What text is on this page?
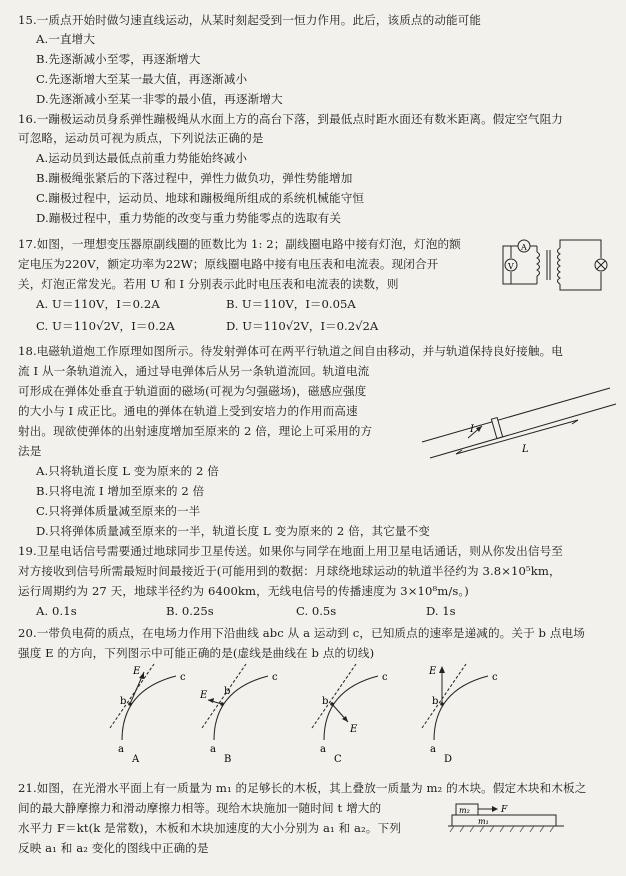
15.一质点开始时做匀速直线运动，从某时刻起受到一恒力作用。此后，该质点的动能可能
A.一直增大
B.先逐渐减小至零，再逐渐增大
C.先逐渐增大至某一最大值，再逐渐减小
D.先逐渐减小至某一非零的最小值，再逐渐增大
16.一蹦极运动员身系弹性蹦极绳从水面上方的高台下落，到最低点时距水面还有数米距离。假定空气阻力
可忽略，运动员可视为质点，下列说法正确的是
A.运动员到达最低点前重力势能始终减小
B.蹦极绳张紧后的下落过程中，弹性力做负功，弹性势能增加
C.蹦极过程中，运动员、地球和蹦极绳所组成的系统机械能守恒
D.蹦极过程中，重力势能的改变与重力势能零点的选取有关
17.如图，一理想变压器原副线圈的匝数比为 1: 2；副线圈电路中接有灯泡，灯泡的额
定电压为220V，额定功率为22W；原线圈电路中接有电压表和电流表。现闭合开
关，灯泡正常发光。若用 U 和 I 分别表示此时电压表和电流表的读数，则
A. U＝110V，I＝0.2A	B. U＝110V，I＝0.05A
C. U＝110√2V，I＝0.2A	D. U＝110√2V，I＝0.2√2A
A
V
18.电磁轨道炮工作原理如图所示。待发射弹体可在两平行轨道之间自由移动，并与轨道保持良好接触。电
流 I 从一条轨道流入，通过导电弹体后从另一条轨道流回。轨道电流
可形成在弹体处垂直于轨道面的磁场(可视为匀强磁场)，磁感应强度
的大小与 I 成正比。通电的弹体在轨道上受到安培力的作用而高速
射出。现欲使弹体的出射速度增加至原来的 2 倍，理论上可采用的方
法是
A.只将轨道长度 L 变为原来的 2 倍
B.只将电流 I 增加至原来的 2 倍
C.只将弹体质量减至原来的一半
D.只将弹体质量减至原来的一半，轨道长度 L 变为原来的 2 倍，其它量不变
I
L
19.卫星电话信号需要通过地球同步卫星传送。如果你与同学在地面上用卫星电话通话，则从你发出信号至
对方接收到信号所需最短时间最接近于(可能用到的数据：月球绕地球运动的轨道半径约为 3.8×10⁵km，
运行周期约为 27 天，地球半径约为 6400km，无线电信号的传播速度为 3×10⁸m/s。)
A. 0.1s	B. 0.25s	C. 0.5s	D. 1s
20.一带负电荷的质点，在电场力作用下沿曲线 abc 从 a 运动到 c，已知质点的速率是递减的。关于 b 点电场
强度 E 的方向，下列图示中可能正确的是(虚线是曲线在 b 点的切线)
E
b
c
a
A
E b
c
a
B
E
b
c
a
C
E
b
c
a
D
21.如图，在光滑水平面上有一质量为 m₁ 的足够长的木板，其上叠放一质量为 m₂ 的木块。假定木块和木板之
间的最大静摩擦力和滑动摩擦力相等。现给木块施加一随时间 t 增大的
水平力 F＝kt(k 是常数)，木板和木块加速度的大小分别为 a₁ 和 a₂。下列
反映 a₁ 和 a₂ 变化的图线中正确的是
m₂
m₁
F
